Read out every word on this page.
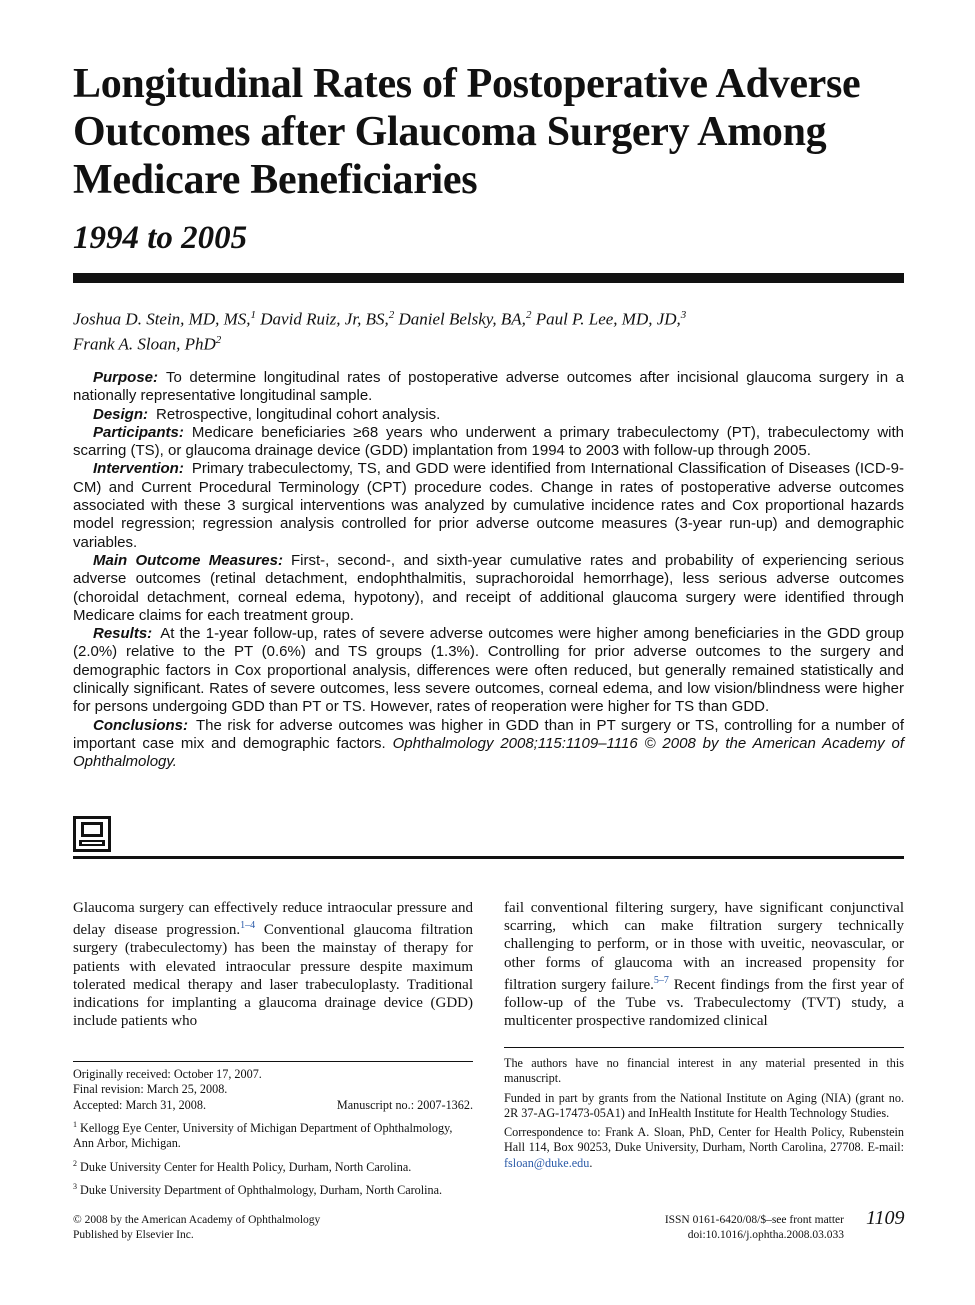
Longitudinal Rates of Postoperative Adverse Outcomes after Glaucoma Surgery Among Medicare Beneficiaries
1994 to 2005
Joshua D. Stein, MD, MS,$^1$ David Ruiz, Jr, BS,$^2$ Daniel Belsky, BA,$^2$ Paul P. Lee, MD, JD,$^3$
Frank A. Sloan, PhD$^2$

Purpose: To determine longitudinal rates of postoperative adverse outcomes after incisional glaucoma surgery in a nationally representative longitudinal sample.

Design: Retrospective, longitudinal cohort analysis.

Participants: Medicare beneficiaries ≥68 years who underwent a primary trabeculectomy (PT), trabeculectomy with scarring (TS), or glaucoma drainage device (GDD) implantation from 1994 to 2003 with follow-up through 2005.

Intervention: Primary trabeculectomy, TS, and GDD were identified from International Classification of Diseases (ICD-9-CM) and Current Procedural Terminology (CPT) procedure codes. Change in rates of postoperative adverse outcomes associated with these 3 surgical interventions was analyzed by cumulative incidence rates and Cox proportional hazards model regression; regression analysis controlled for prior adverse outcome measures (3-year run-up) and demographic variables.

Main Outcome Measures: First-, second-, and sixth-year cumulative rates and probability of experiencing serious adverse outcomes (retinal detachment, endophthalmitis, suprachoroidal hemorrhage), less serious adverse outcomes (choroidal detachment, corneal edema, hypotony), and receipt of additional glaucoma surgery were identified through Medicare claims for each treatment group.

Results: At the 1-year follow-up, rates of severe adverse outcomes were higher among beneficiaries in the GDD group (2.0%) relative to the PT (0.6%) and TS groups (1.3%). Controlling for prior adverse outcomes to the surgery and demographic factors in Cox proportional analysis, differences were often reduced, but generally remained statistically and clinically significant. Rates of severe outcomes, less severe outcomes, corneal edema, and low vision/blindness were higher for persons undergoing GDD than PT or TS. However, rates of reoperation were higher for TS than GDD.

Conclusions: The risk for adverse outcomes was higher in GDD than in PT surgery or TS, controlling for a number of important case mix and demographic factors. Ophthalmology 2008;115:1109–1116 © 2008 by the American Academy of Ophthalmology.

Glaucoma surgery can effectively reduce intraocular pressure and delay disease progression.$^{1-4}$ Conventional glaucoma filtration surgery (trabeculectomy) has been the mainstay of therapy for patients with elevated intraocular pressure despite maximum tolerated medical therapy and laser trabeculoplasty. Traditional indications for implanting a glaucoma drainage device (GDD) include patients who
fail conventional filtering surgery, have significant conjunctival scarring, which can make filtration surgery technically challenging to perform, or in those with uveitic, neovascular, or other forms of glaucoma with an increased propensity for filtration surgery failure.$^{5-7}$ Recent findings from the first year of follow-up of the Tube vs. Trabeculectomy (TVT) study, a multicenter prospective randomized clinical
Originally received: October 17, 2007.
Final revision: March 25, 2008.
Accepted: March 31, 2008.	Manuscript no.: 2007-1362.

$^1$ Kellogg Eye Center, University of Michigan Department of Ophthalmology, Ann Arbor, Michigan.

$^2$ Duke University Center for Health Policy, Durham, North Carolina.

$^3$ Duke University Department of Ophthalmology, Durham, North Carolina.

The authors have no financial interest in any material presented in this manuscript.

Funded in part by grants from the National Institute on Aging (NIA) (grant no. 2R 37-AG-17473-05A1) and InHealth Institute for Health Technology Studies.

Correspondence to: Frank A. Sloan, PhD, Center for Health Policy, Rubenstein Hall 114, Box 90253, Duke University, Durham, North Carolina, 27708. E-mail: fsloan@duke.edu.

© 2008 by the American Academy of Ophthalmology
Published by Elsevier Inc.
ISSN 0161-6420/08/$–see front matter
doi:10.1016/j.ophtha.2008.03.033
1109
